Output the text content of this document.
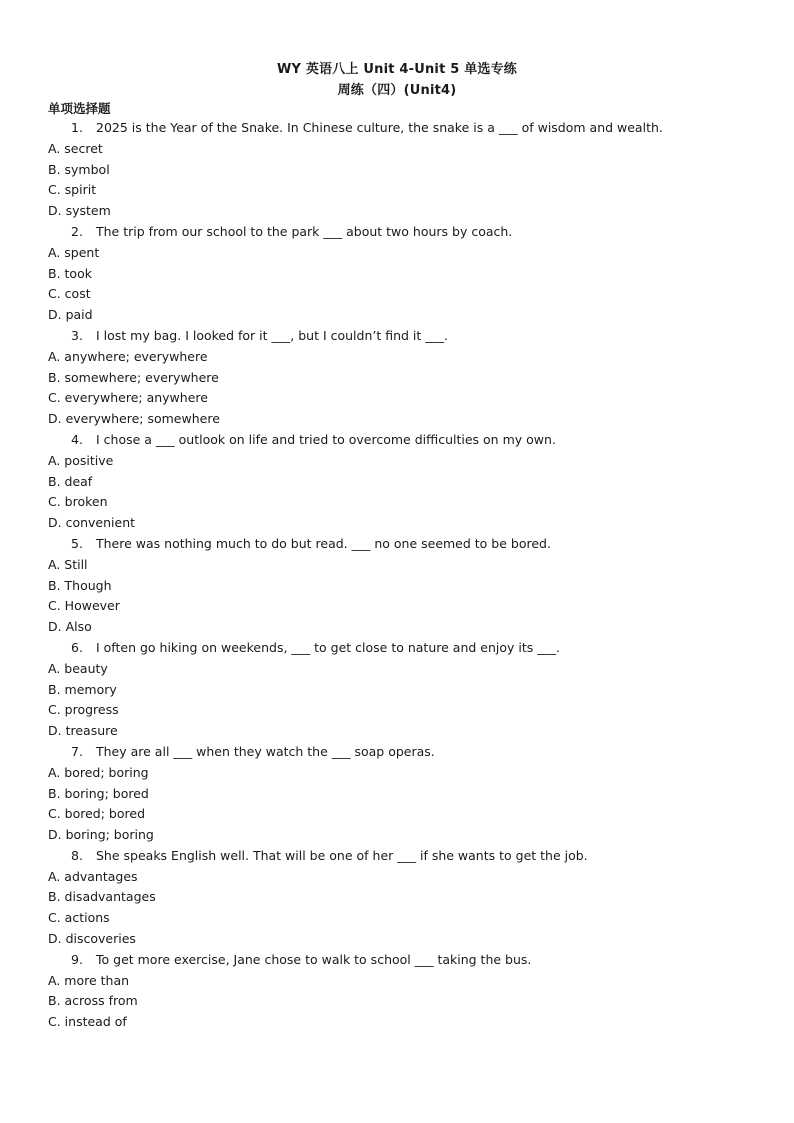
WY 英语八上 Unit 4-Unit 5 单选专练
周练（四）(Unit4)
单项选择题
1. 2025 is the Year of the Snake. In Chinese culture, the snake is a ___ of wisdom and wealth.
A. secret
B. symbol
C. spirit
D. system
2. The trip from our school to the park ___ about two hours by coach.
A. spent
B. took
C. cost
D. paid
3. I lost my bag. I looked for it ___, but I couldn’t find it ___.
A. anywhere; everywhere
B. somewhere; everywhere
C. everywhere; anywhere
D. everywhere; somewhere
4. I chose a ___ outlook on life and tried to overcome difficulties on my own.
A. positive
B. deaf
C. broken
D. convenient
5. There was nothing much to do but read. ___ no one seemed to be bored.
A. Still
B. Though
C. However
D. Also
6. I often go hiking on weekends, ___ to get close to nature and enjoy its ___.
A. beauty
B. memory
C. progress
D. treasure
7. They are all ___ when they watch the ___ soap operas.
A. bored; boring
B. boring; bored
C. bored; bored
D. boring; boring
8. She speaks English well. That will be one of her ___ if she wants to get the job.
A. advantages
B. disadvantages
C. actions
D. discoveries
9. To get more exercise, Jane chose to walk to school ___ taking the bus.
A. more than
B. across from
C. instead of
